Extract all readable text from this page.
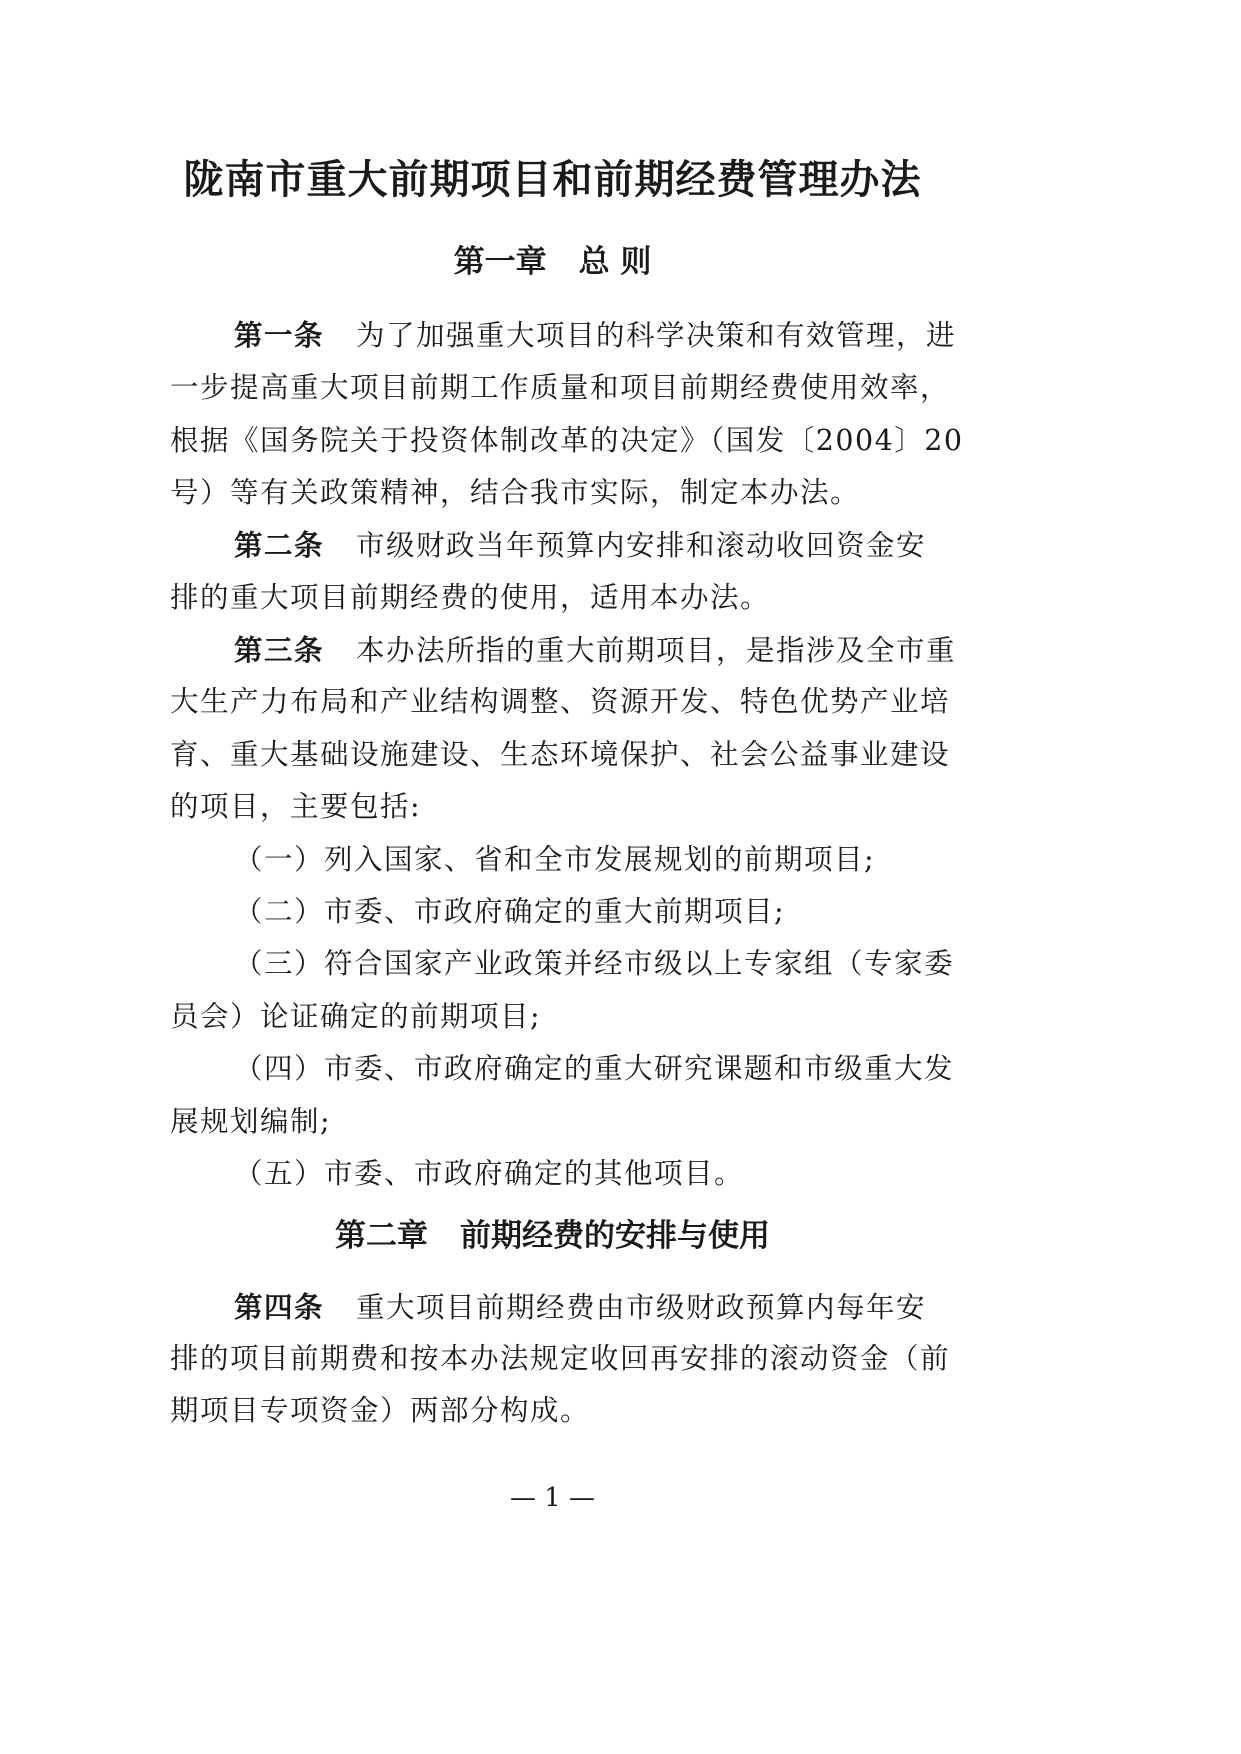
陇南市重大前期项目和前期经费管理办法
第一章 总 则
第一条 为了加强重大项目的科学决策和有效管理，进
一步提高重大项目前期工作质量和项目前期经费使用效率，
根据《国务院关于投资体制改革的决定》（国发〔2004〕20
号）等有关政策精神，结合我市实际，制定本办法。
第二条 市级财政当年预算内安排和滚动收回资金安
排的重大项目前期经费的使用，适用本办法。
第三条 本办法所指的重大前期项目，是指涉及全市重
大生产力布局和产业结构调整、资源开发、特色优势产业培
育、重大基础设施建设、生态环境保护、社会公益事业建设
的项目，主要包括:
（一）列入国家、省和全市发展规划的前期项目;
（二）市委、市政府确定的重大前期项目;
（三）符合国家产业政策并经市级以上专家组（专家委
员会）论证确定的前期项目;
（四）市委、市政府确定的重大研究课题和市级重大发
展规划编制;
（五）市委、市政府确定的其他项目。
第二章 前期经费的安排与使用
第四条 重大项目前期经费由市级财政预算内每年安
排的项目前期费和按本办法规定收回再安排的滚动资金（前
期项目专项资金）两部分构成。
— 1 —
